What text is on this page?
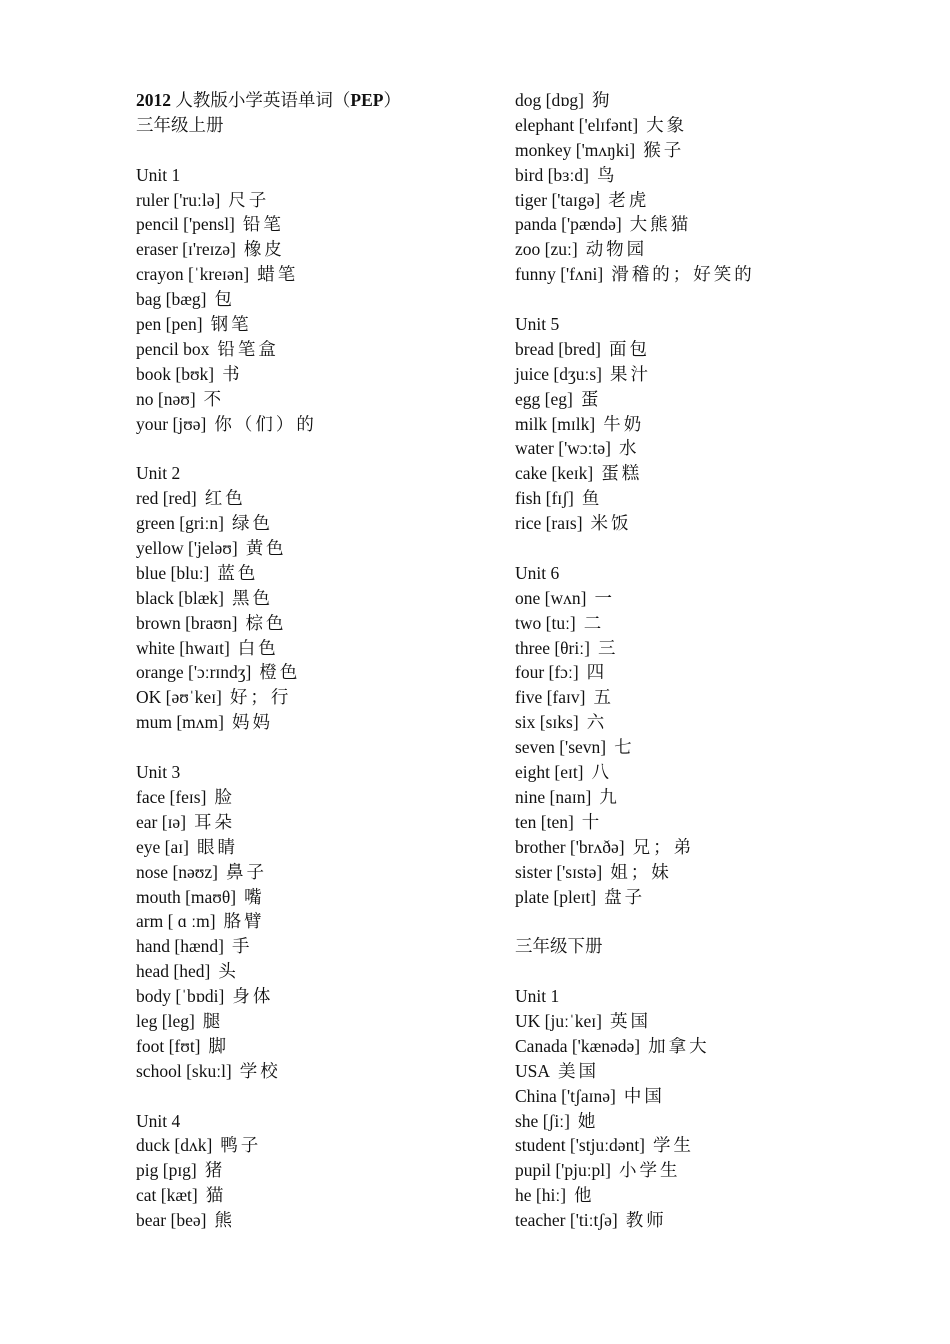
2012 人教版小学英语单词（PEP）
三年级上册
Unit 1
ruler ['ruːlə] 尺子
pencil ['pensl] 铅笔
eraser [ɪ'reɪzə] 橡皮
crayon [ˈkreɪən] 蜡笔
bag [bæg] 包
pen [pen] 钢笔
pencil box 铅笔盒
book [bʊk] 书
no [nəʊ] 不
your [jʊə] 你（们）的
Unit 2
red [red] 红色
green [griːn] 绿色
yellow ['jeləʊ] 黄色
blue [bluː] 蓝色
black [blæk] 黑色
brown [braʊn] 棕色
white [hwaɪt] 白色
orange ['ɔːrɪndʒ] 橙色
OK [əʊˈkeɪ] 好；行
mum [mʌm] 妈妈
Unit 3
face [feɪs] 脸
ear [ɪə] 耳朵
eye [aɪ] 眼睛
nose [nəʊz] 鼻子
mouth [maʊθ] 嘴
arm [ ɑ ːm] 胳臂
hand [hænd] 手
head [hed] 头
body [ˈbɒdi] 身体
leg [leg] 腿
foot [fʊt] 脚
school [skuːl] 学校
Unit 4
duck [dʌk] 鸭子
pig [pɪg] 猪
cat [kæt] 猫
bear [beə] 熊
dog [dɒg] 狗
elephant ['elɪfənt] 大象
monkey ['mʌŋki] 猴子
bird [bɜːd] 鸟
tiger ['taɪgə] 老虎
panda ['pændə] 大熊猫
zoo [zuː] 动物园
funny ['fʌni] 滑稽的；好笑的
Unit 5
bread [bred] 面包
juice [dʒuːs] 果汁
egg [eg] 蛋
milk [mɪlk] 牛奶
water ['wɔːtə] 水
cake [keɪk] 蛋糕
fish [fɪʃ] 鱼
rice [raɪs] 米饭
Unit 6
one [wʌn] 一
two [tuː] 二
three [θriː] 三
four [fɔː] 四
five [faɪv] 五
six [sɪks] 六
seven ['sevn] 七
eight [eɪt] 八
nine [naɪn] 九
ten [ten] 十
brother ['brʌðə] 兄；弟
sister ['sɪstə] 姐；妹
plate [pleɪt] 盘子
三年级下册
Unit 1
UK [juːˈkeɪ] 英国
Canada ['kænədə] 加拿大
USA 美国
China ['tʃaɪnə] 中国
she [ʃiː] 她
student ['stjuːdənt] 学生
pupil ['pjuːpl] 小学生
he [hiː] 他
teacher ['tiːtʃə] 教师
